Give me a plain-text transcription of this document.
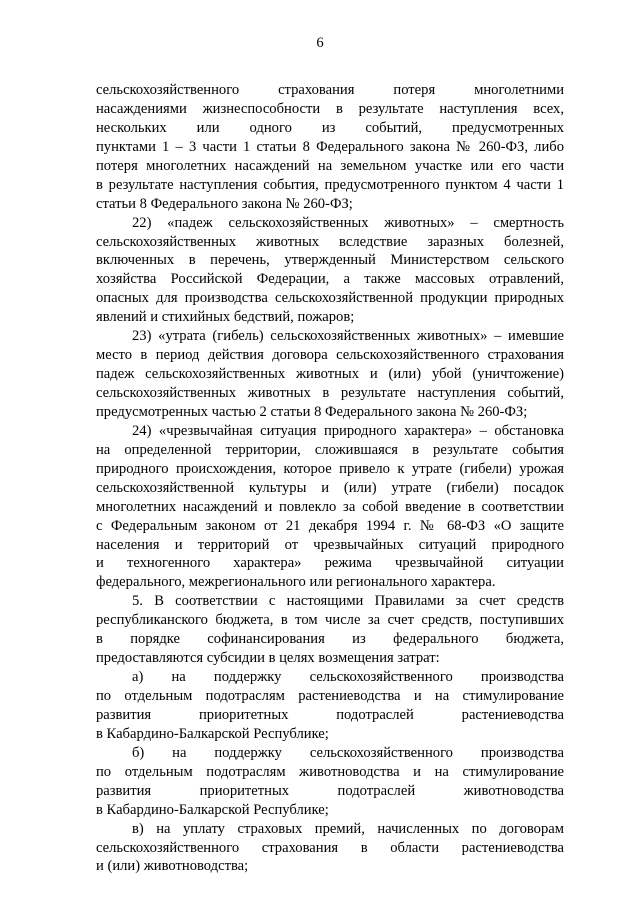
6
сельскохозяйственного страхования потеря многолетними
насаждениями жизнеспособности в результате наступления всех,
нескольких или одного из событий, предусмотренных
пунктами 1 – 3 части 1 статьи 8 Федерального закона № 260-ФЗ, либо
потеря многолетних насаждений на земельном участке или его части
в результате наступления события, предусмотренного пунктом 4 части 1
статьи 8 Федерального закона № 260-ФЗ;
22) «падеж сельскохозяйственных животных» – смертность
сельскохозяйственных животных вследствие заразных болезней,
включенных в перечень, утвержденный Министерством сельского
хозяйства Российской Федерации, а также массовых отравлений,
опасных для производства сельскохозяйственной продукции природных
явлений и стихийных бедствий, пожаров;
23) «утрата (гибель) сельскохозяйственных животных» – имевшие
место в период действия договора сельскохозяйственного страхования
падеж сельскохозяйственных животных и (или) убой (уничтожение)
сельскохозяйственных животных в результате наступления событий,
предусмотренных частью 2 статьи 8 Федерального закона № 260-ФЗ;
24) «чрезвычайная ситуация природного характера» – обстановка
на определенной территории, сложившаяся в результате события
природного происхождения, которое привело к утрате (гибели) урожая
сельскохозяйственной культуры и (или) утрате (гибели) посадок
многолетних насаждений и повлекло за собой введение в соответствии
с Федеральным законом от 21 декабря 1994 г. № 68-ФЗ «О защите
населения и территорий от чрезвычайных ситуаций природного
и техногенного характера» режима чрезвычайной ситуации
федерального, межрегионального или регионального характера.
5. В соответствии с настоящими Правилами за счет средств
республиканского бюджета, в том числе за счет средств, поступивших
в порядке софинансирования из федерального бюджета,
предоставляются субсидии в целях возмещения затрат:
а) на поддержку сельскохозяйственного производства
по отдельным подотраслям растениеводства и на стимулирование
развития приоритетных подотраслей растениеводства
в Кабардино-Балкарской Республике;
б) на поддержку сельскохозяйственного производства
по отдельным подотраслям животноводства и на стимулирование
развития приоритетных подотраслей животноводства
в Кабардино-Балкарской Республике;
в) на уплату страховых премий, начисленных по договорам
сельскохозяйственного страхования в области растениеводства
и (или) животноводства;
